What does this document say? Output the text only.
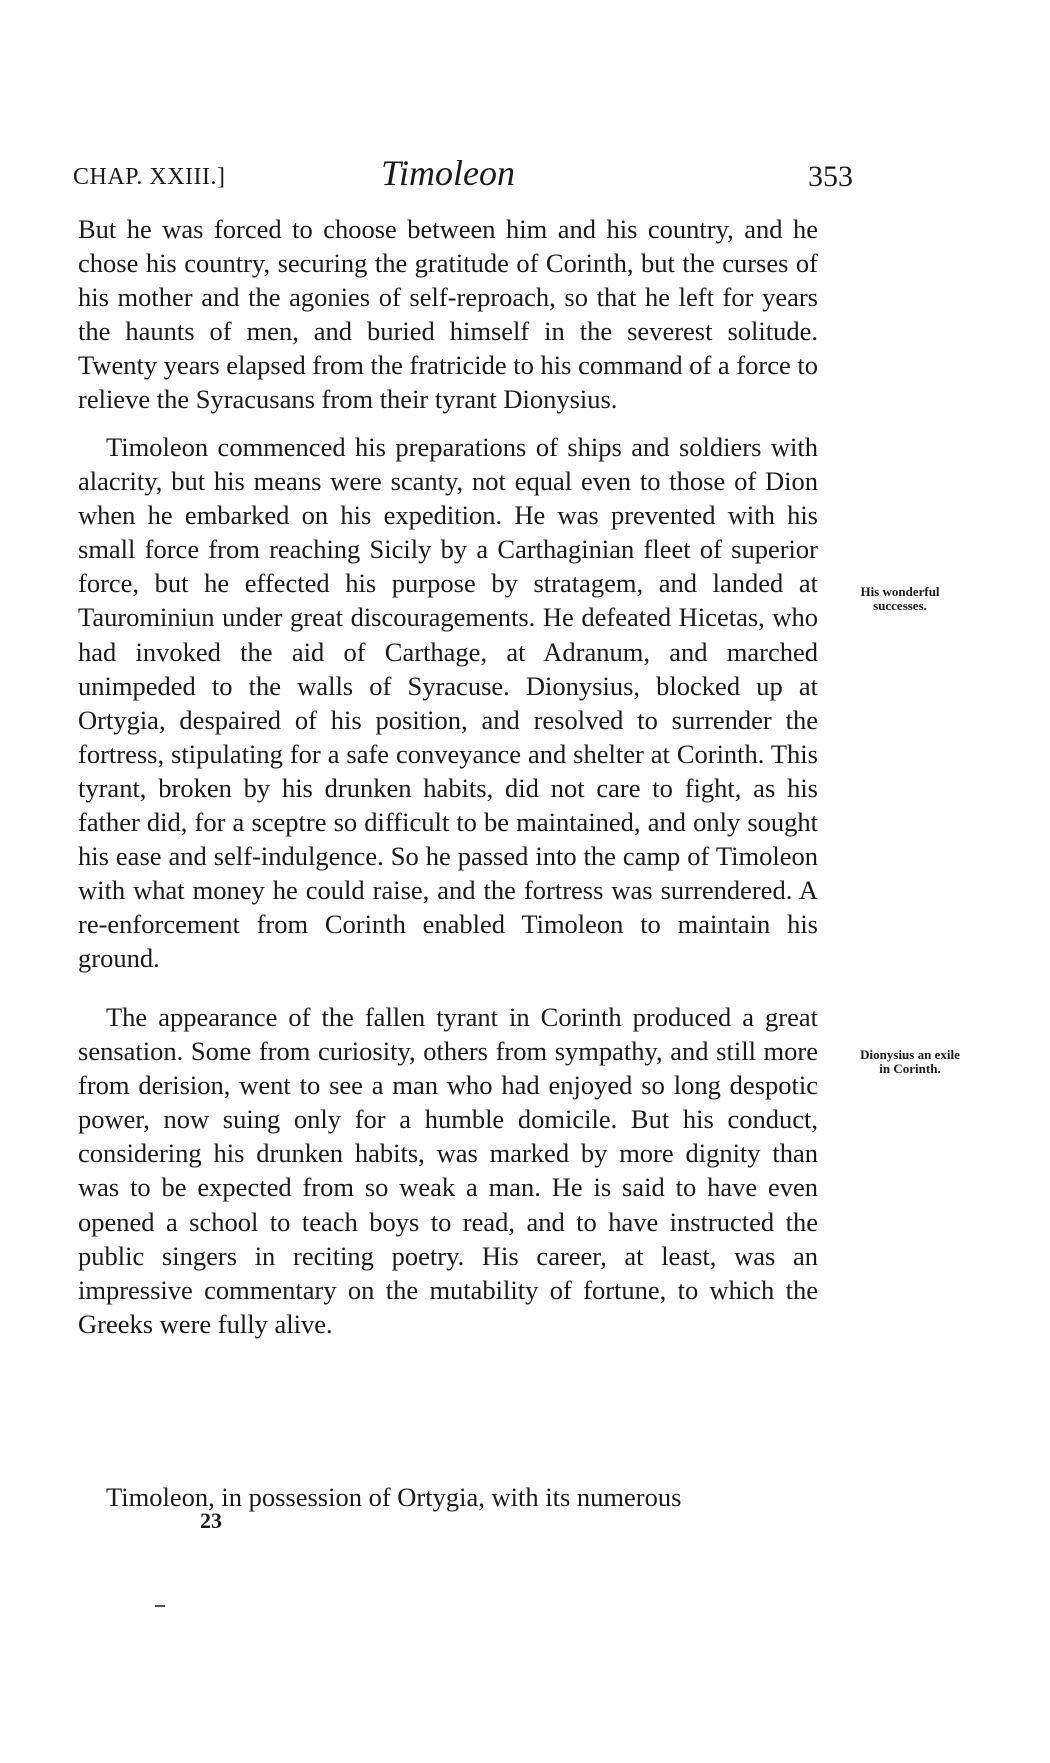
CHAP. XXIII.]	Timoleon	353

But he was forced to choose between him and his country, and he chose his country, securing the gratitude of Corinth, but the curses of his mother and the agonies of self-reproach, so that he left for years the haunts of men, and buried himself in the severest solitude. Twenty years elapsed from the fratricide to his command of a force to relieve the Syracusans from their tyrant Dionysius.

Timoleon commenced his preparations of ships and soldiers with alacrity, but his means were scanty, not equal even to those of Dion when he embarked on his expedition. He was prevented with his small force from reaching Sicily by a Carthaginian fleet of superior force, but he effected his purpose by stratagem, and landed at Taurominiun under great discouragements. He defeated Hicetas, who had invoked the aid of Carthage, at Adranum, and marched unimpeded to the walls of Syracuse. Dionysius, blocked up at Ortygia, despaired of his position, and resolved to surrender the fortress, stipulating for a safe conveyance and shelter at Corinth. This tyrant, broken by his drunken habits, did not care to fight, as his father did, for a sceptre so difficult to be maintained, and only sought his ease and self-indulgence. So he passed into the camp of Timoleon with what money he could raise, and the fortress was surrendered. A re-enforcement from Corinth enabled Timoleon to maintain his ground.

The appearance of the fallen tyrant in Corinth produced a great sensation. Some from curiosity, others from sympathy, and still more from derision, went to see a man who had enjoyed so long despotic power, now suing only for a humble domicile. But his conduct, considering his drunken habits, was marked by more dignity than was to be expected from so weak a man. He is said to have even opened a school to teach boys to read, and to have instructed the public singers in reciting poetry. His career, at least, was an impressive commentary on the mutability of fortune, to which the Greeks were fully alive.

Timoleon, in possession of Ortygia, with its numerous

His wonderful successes.
Dionysius an exile in Corinth.
23
